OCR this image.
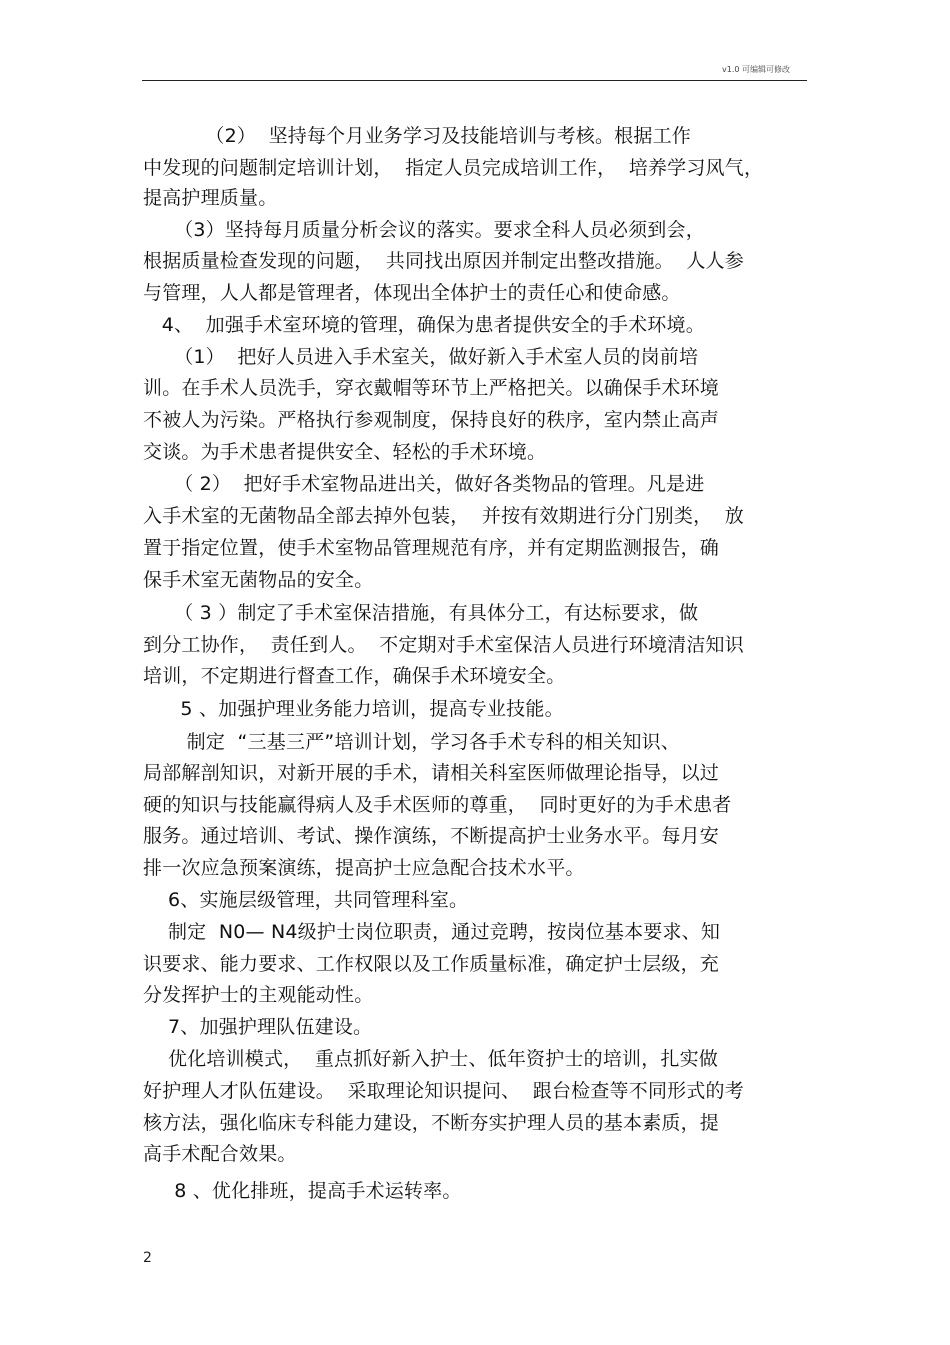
v1.0 可编辑可修改
（2）  坚持每个月业务学习及技能培训与考核。根据工作
中发现的问题制定培训计划，  指定人员完成培训工作，  培养学习风气，
提高护理质量。
（3）坚持每月质量分析会议的落实。要求全科人员必须到会，
根据质量检查发现的问题，  共同找出原因并制定出整改措施。  人人参
与管理，人人都是管理者，体现出全体护士的责任心和使命感。
4、  加强手术室环境的管理，确保为患者提供安全的手术环境。
（1）  把好人员进入手术室关，做好新入手术室人员的岗前培
训。在手术人员洗手，穿衣戴帽等环节上严格把关。以确保手术环境
不被人为污染。严格执行参观制度，保持良好的秩序，室内禁止高声
交谈。为手术患者提供安全、轻松的手术环境。
（ 2）  把好手术室物品进出关，做好各类物品的管理。凡是进
入手术室的无菌物品全部去掉外包装，  并按有效期进行分门别类，  放
置于指定位置，使手术室物品管理规范有序，并有定期监测报告，确
保手术室无菌物品的安全。
（ 3 ）制定了手术室保洁措施，有具体分工，有达标要求，做
到分工协作，  责任到人。  不定期对手术室保洁人员进行环境清洁知识
培训，不定期进行督查工作，确保手术环境安全。
5 、加强护理业务能力培训，提高专业技能。
制定  “三基三严”培训计划，学习各手术专科的相关知识、
局部解剖知识，对新开展的手术，请相关科室医师做理论指导，以过
硬的知识与技能赢得病人及手术医师的尊重，  同时更好的为手术患者
服务。通过培训、考试、操作演练，不断提高护士业务水平。每月安
排一次应急预案演练，提高护士应急配合技术水平。
6、实施层级管理，共同管理科室。
制定  N0— N4级护士岗位职责，通过竞聘，按岗位基本要求、知
识要求、能力要求、工作权限以及工作质量标准，确定护士层级，充
分发挥护士的主观能动性。
7、加强护理队伍建设。
优化培训模式，  重点抓好新入护士、低年资护士的培训，扎实做
好护理人才队伍建设。  采取理论知识提问、  跟台检查等不同形式的考
核方法，强化临床专科能力建设，不断夯实护理人员的基本素质，提
高手术配合效果。
8 、优化排班，提高手术运转率。
2
